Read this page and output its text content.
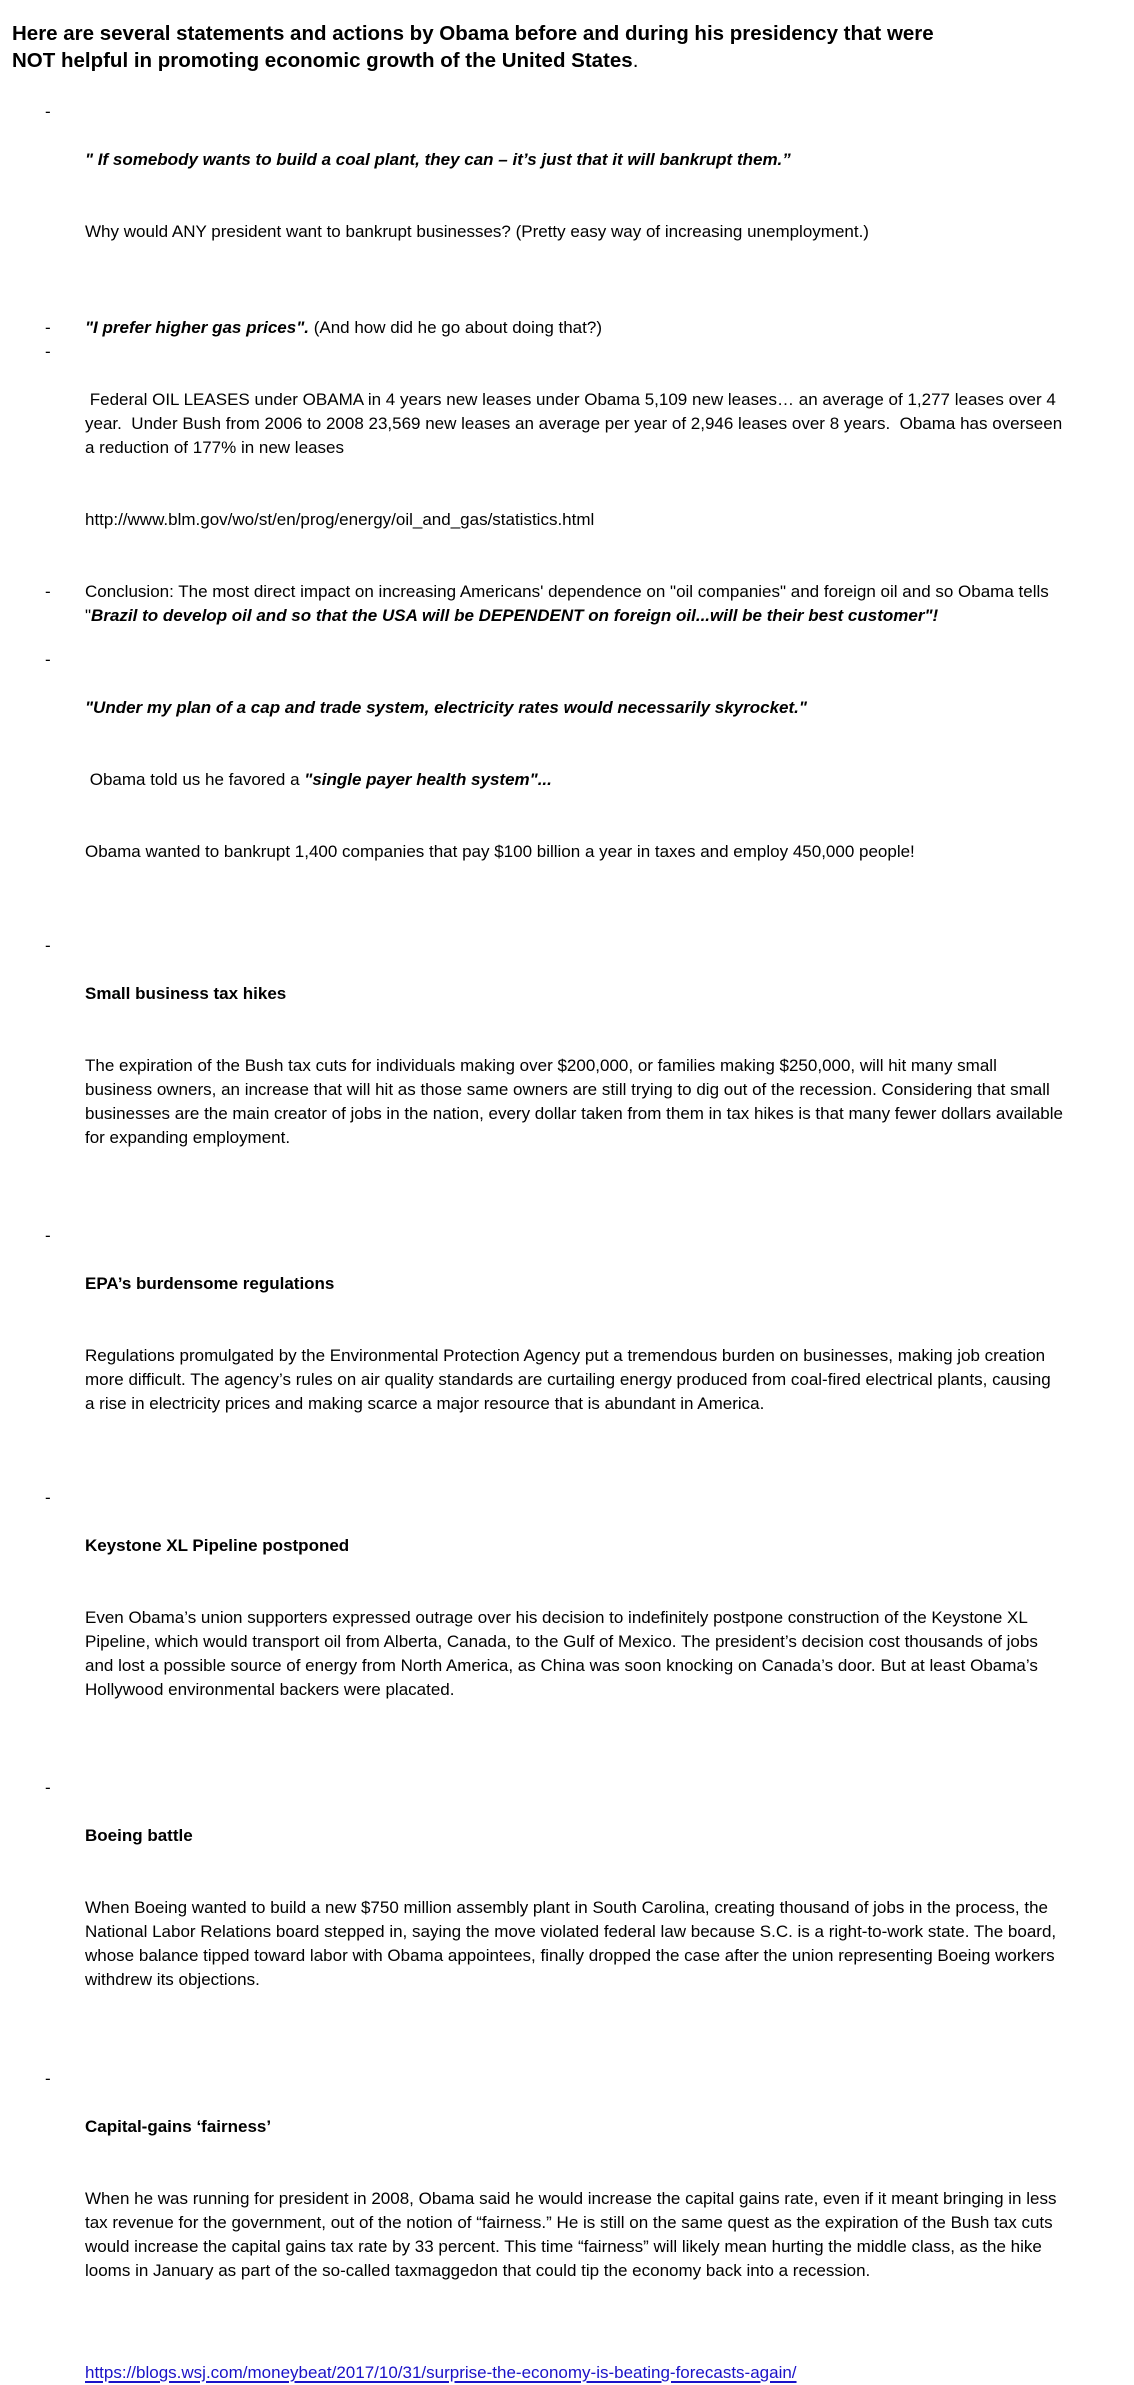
Here are several statements and actions by Obama before and during his presidency that were
NOT helpful in promoting economic growth of the United States.
-

" If somebody wants to build a coal plant, they can – it’s just that it will bankrupt them.”

Why would ANY president want to bankrupt businesses? (Pretty easy way of increasing unemployment.)

- "I prefer higher gas prices". (And how did he go about doing that?)
-

Federal OIL LEASES under OBAMA in 4 years new leases under Obama 5,109 new leases… an average of 1,277 leases over 4 year.  Under Bush from 2006 to 2008 23,569 new leases an average per year of 2,946 leases over 8 years.  Obama has overseen a reduction of 177% in new leases

http://www.blm.gov/wo/st/en/prog/energy/oil_and_gas/statistics.html

- Conclusion: The most direct impact on increasing Americans' dependence on "oil companies" and foreign oil and so Obama tells "Brazil to develop oil and so that the USA will be DEPENDENT on foreign oil...will be their best customer"!
-

"Under my plan of a cap and trade system, electricity rates would necessarily skyrocket."

Obama told us he favored a "single payer health system"...

Obama wanted to bankrupt 1,400 companies that pay $100 billion a year in taxes and employ 450,000 people!

-

Small business tax hikes

The expiration of the Bush tax cuts for individuals making over $200,000, or families making $250,000, will hit many small business owners, an increase that will hit as those same owners are still trying to dig out of the recession. Considering that small businesses are the main creator of jobs in the nation, every dollar taken from them in tax hikes is that many fewer dollars available for expanding employment.

-

EPA’s burdensome regulations

Regulations promulgated by the Environmental Protection Agency put a tremendous burden on businesses, making job creation more difficult. The agency’s rules on air quality standards are curtailing energy produced from coal-fired electrical plants, causing a rise in electricity prices and making scarce a major resource that is abundant in America.

-

Keystone XL Pipeline postponed

Even Obama’s union supporters expressed outrage over his decision to indefinitely postpone construction of the Keystone XL Pipeline, which would transport oil from Alberta, Canada, to the Gulf of Mexico. The president’s decision cost thousands of jobs and lost a possible source of energy from North America, as China was soon knocking on Canada’s door. But at least Obama’s Hollywood environmental backers were placated.

-

Boeing battle

When Boeing wanted to build a new $750 million assembly plant in South Carolina, creating thousand of jobs in the process, the National Labor Relations board stepped in, saying the move violated federal law because S.C. is a right-to-work state. The board, whose balance tipped toward labor with Obama appointees, finally dropped the case after the union representing Boeing workers withdrew its objections.

-

Capital-gains ‘fairness’

When he was running for president in 2008, Obama said he would increase the capital gains rate, even if it meant bringing in less tax revenue for the government, out of the notion of “fairness.” He is still on the same quest as the expiration of the Bush tax cuts would increase the capital gains tax rate by 33 percent. This time “fairness” will likely mean hurting the middle class, as the hike looms in January as part of the so-called taxmaggedon that could tip the economy back into a recession.

https://blogs.wsj.com/moneybeat/2017/10/31/surprise-the-economy-is-beating-forecasts-again/
